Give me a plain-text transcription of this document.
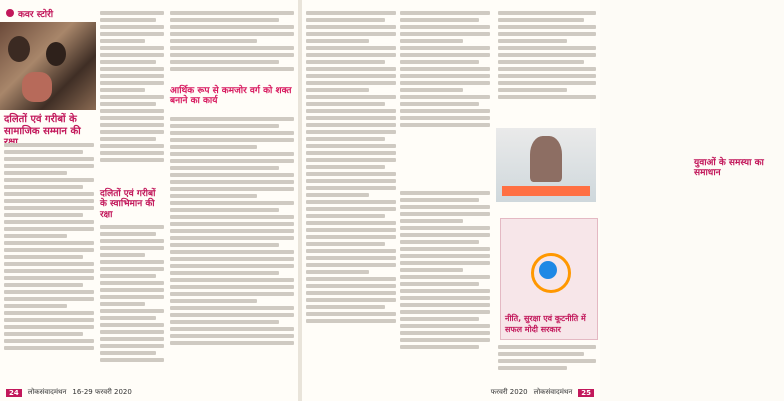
कवर स्टोरी
दलितों एवं गरीबों के सामाजिक सम्मान की
दलितों एवं गरीबों के स्वाभिमान की रक्षा
आर्थिक रूप से कमजोर वर्ग को शक्त बनाने का कार्य
24	लोकसंवादमंथन 16-29 फरवरी 2020
युवाओं के समस्या का समाधान
फरवरी 2020 लोकसंवादमंथन	25
नीति, सुरक्षा एवं कूटनीति में सफल मोदी सरकार
